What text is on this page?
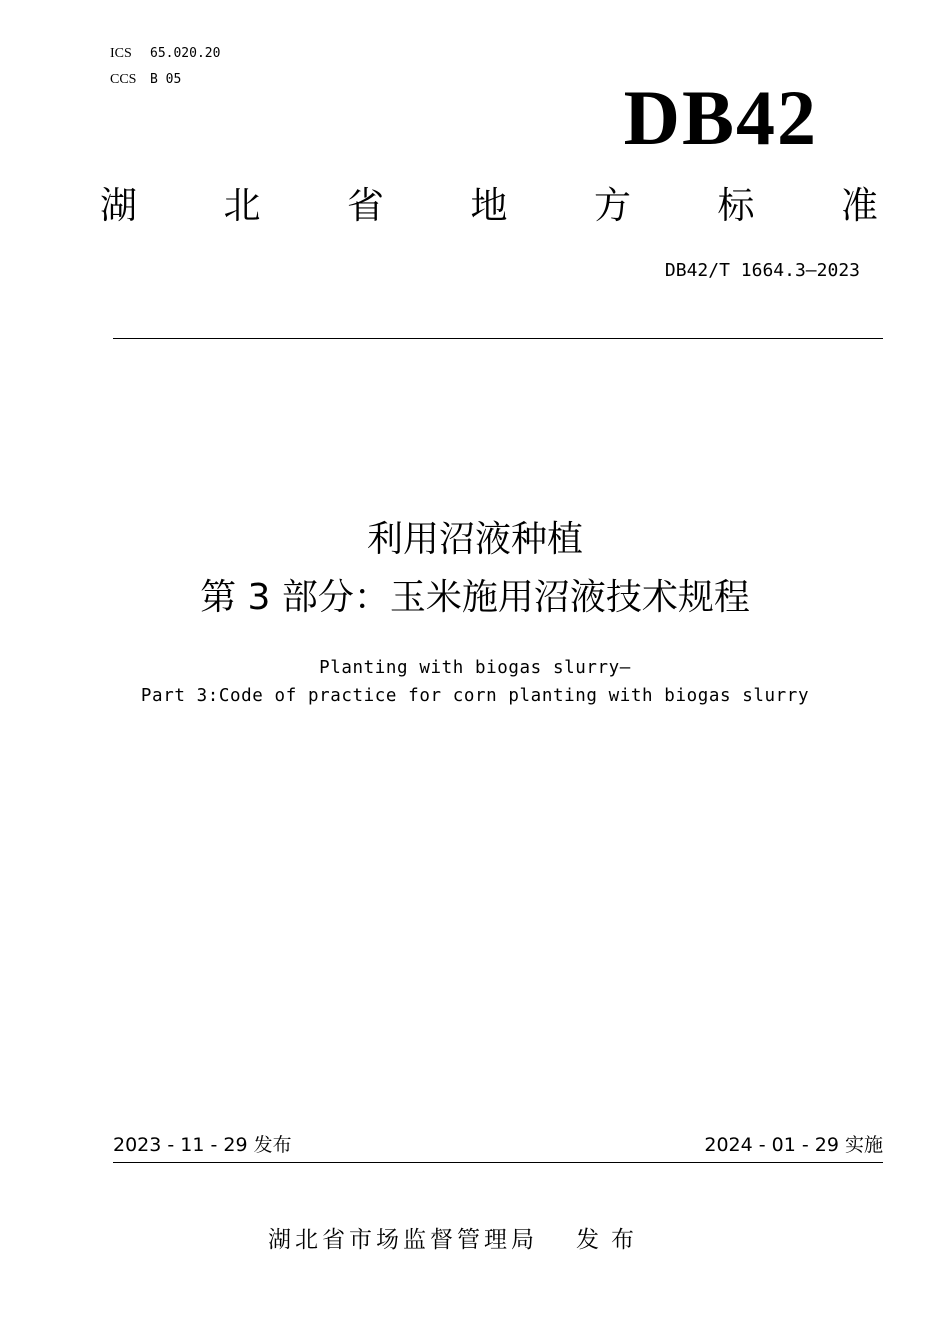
ICS 65.020.20
CCS B 05	DB42
湖 北 省 地 方 标 准
DB42/T 1664.3—2023
利用沼液种植
第 3 部分：玉米施用沼液技术规程
Planting with biogas slurry—
Part 3:Code of practice for corn planting with biogas slurry
2023 - 11 - 29 发布	2024 - 01 - 29 实施
湖北省市场监督管理局 发布
